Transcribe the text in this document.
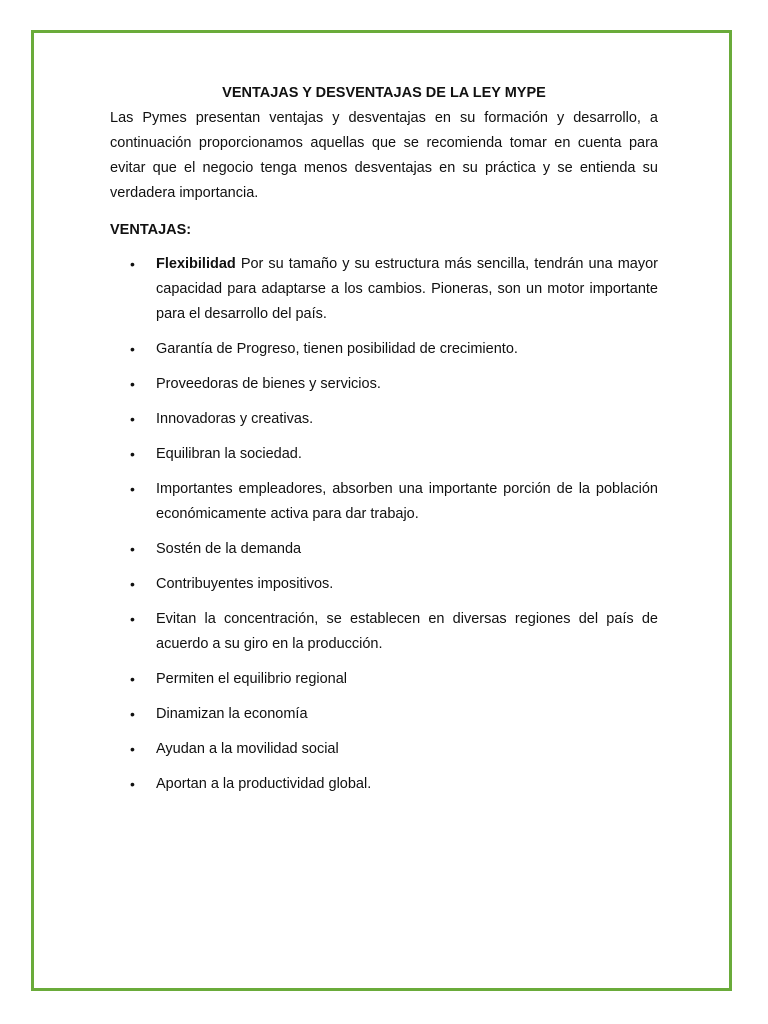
VENTAJAS Y DESVENTAJAS DE LA LEY MYPE

Las Pymes presentan ventajas y desventajas en su formación y desarrollo, a continuación proporcionamos aquellas que se recomienda tomar en cuenta para evitar que el negocio tenga menos desventajas en su práctica y se entienda su verdadera importancia.

VENTAJAS:
• Flexibilidad Por su tamaño y su estructura más sencilla, tendrán una mayor capacidad para adaptarse a los cambios. Pioneras, son un motor importante para el desarrollo del país.
• Garantía de Progreso, tienen posibilidad de crecimiento.
• Proveedoras de bienes y servicios.
• Innovadoras y creativas.
• Equilibran la sociedad.
• Importantes empleadores, absorben una importante porción de la población económicamente activa para dar trabajo.
• Sostén de la demanda
• Contribuyentes impositivos.
• Evitan la concentración, se establecen en diversas regiones del país de acuerdo a su giro en la producción.
• Permiten el equilibrio regional
• Dinamizan la economía
• Ayudan a la movilidad social
• Aportan a la productividad global.
